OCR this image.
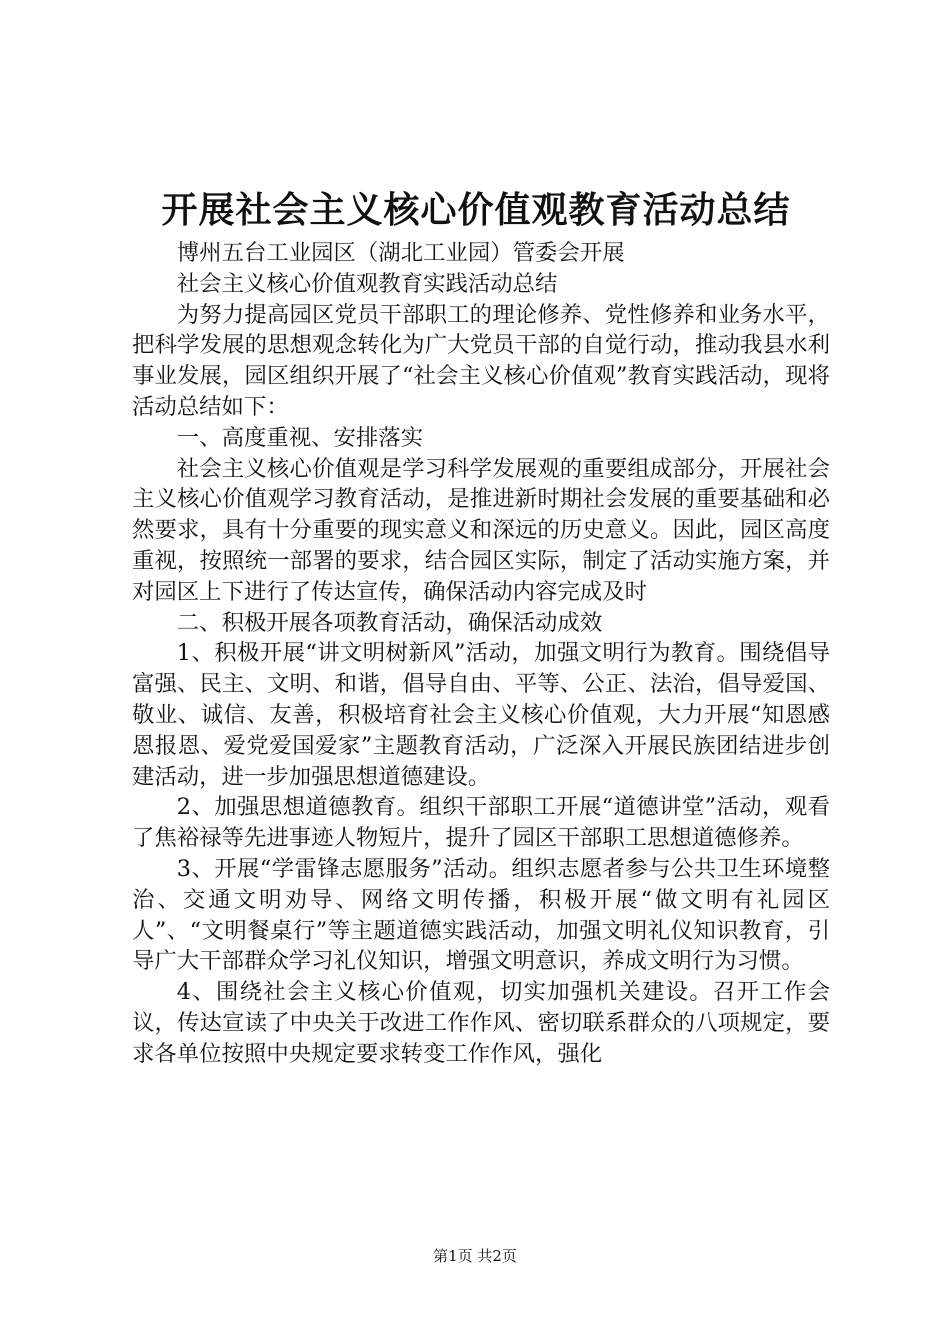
开展社会主义核心价值观教育活动总结

博州五台工业园区（湖北工业园）管委会开展

社会主义核心价值观教育实践活动总结

为努力提高园区党员干部职工的理论修养、党性修养和业务水平，把科学发展的思想观念转化为广大党员干部的自觉行动，推动我县水利事业发展，园区组织开展了“社会主义核心价值观”教育实践活动，现将活动总结如下：

一、高度重视、安排落实

社会主义核心价值观是学习科学发展观的重要组成部分，开展社会主义核心价值观学习教育活动，是推进新时期社会发展的重要基础和必然要求，具有十分重要的现实意义和深远的历史意义。因此，园区高度重视，按照统一部署的要求，结合园区实际，制定了活动实施方案，并对园区上下进行了传达宣传，确保活动内容完成及时

二、积极开展各项教育活动，确保活动成效

1、积极开展“讲文明树新风”活动，加强文明行为教育。围绕倡导富强、民主、文明、和谐，倡导自由、平等、公正、法治，倡导爱国、敬业、诚信、友善，积极培育社会主义核心价值观，大力开展“知恩感恩报恩、爱党爱国爱家”主题教育活动，广泛深入开展民族团结进步创建活动，进一步加强思想道德建设。

2、加强思想道德教育。组织干部职工开展“道德讲堂”活动，观看了焦裕禄等先进事迹人物短片，提升了园区干部职工思想道德修养。

3、开展“学雷锋志愿服务”活动。组织志愿者参与公共卫生环境整治、交通文明劝导、网络文明传播，积极开展“做文明有礼园区人”、“文明餐桌行”等主题道德实践活动，加强文明礼仪知识教育，引导广大干部群众学习礼仪知识，增强文明意识，养成文明行为习惯。

4、围绕社会主义核心价值观，切实加强机关建设。召开工作会议，传达宣读了中央关于改进工作作风、密切联系群众的八项规定，要求各单位按照中央规定要求转变工作作风，强化

第1页 共2页
